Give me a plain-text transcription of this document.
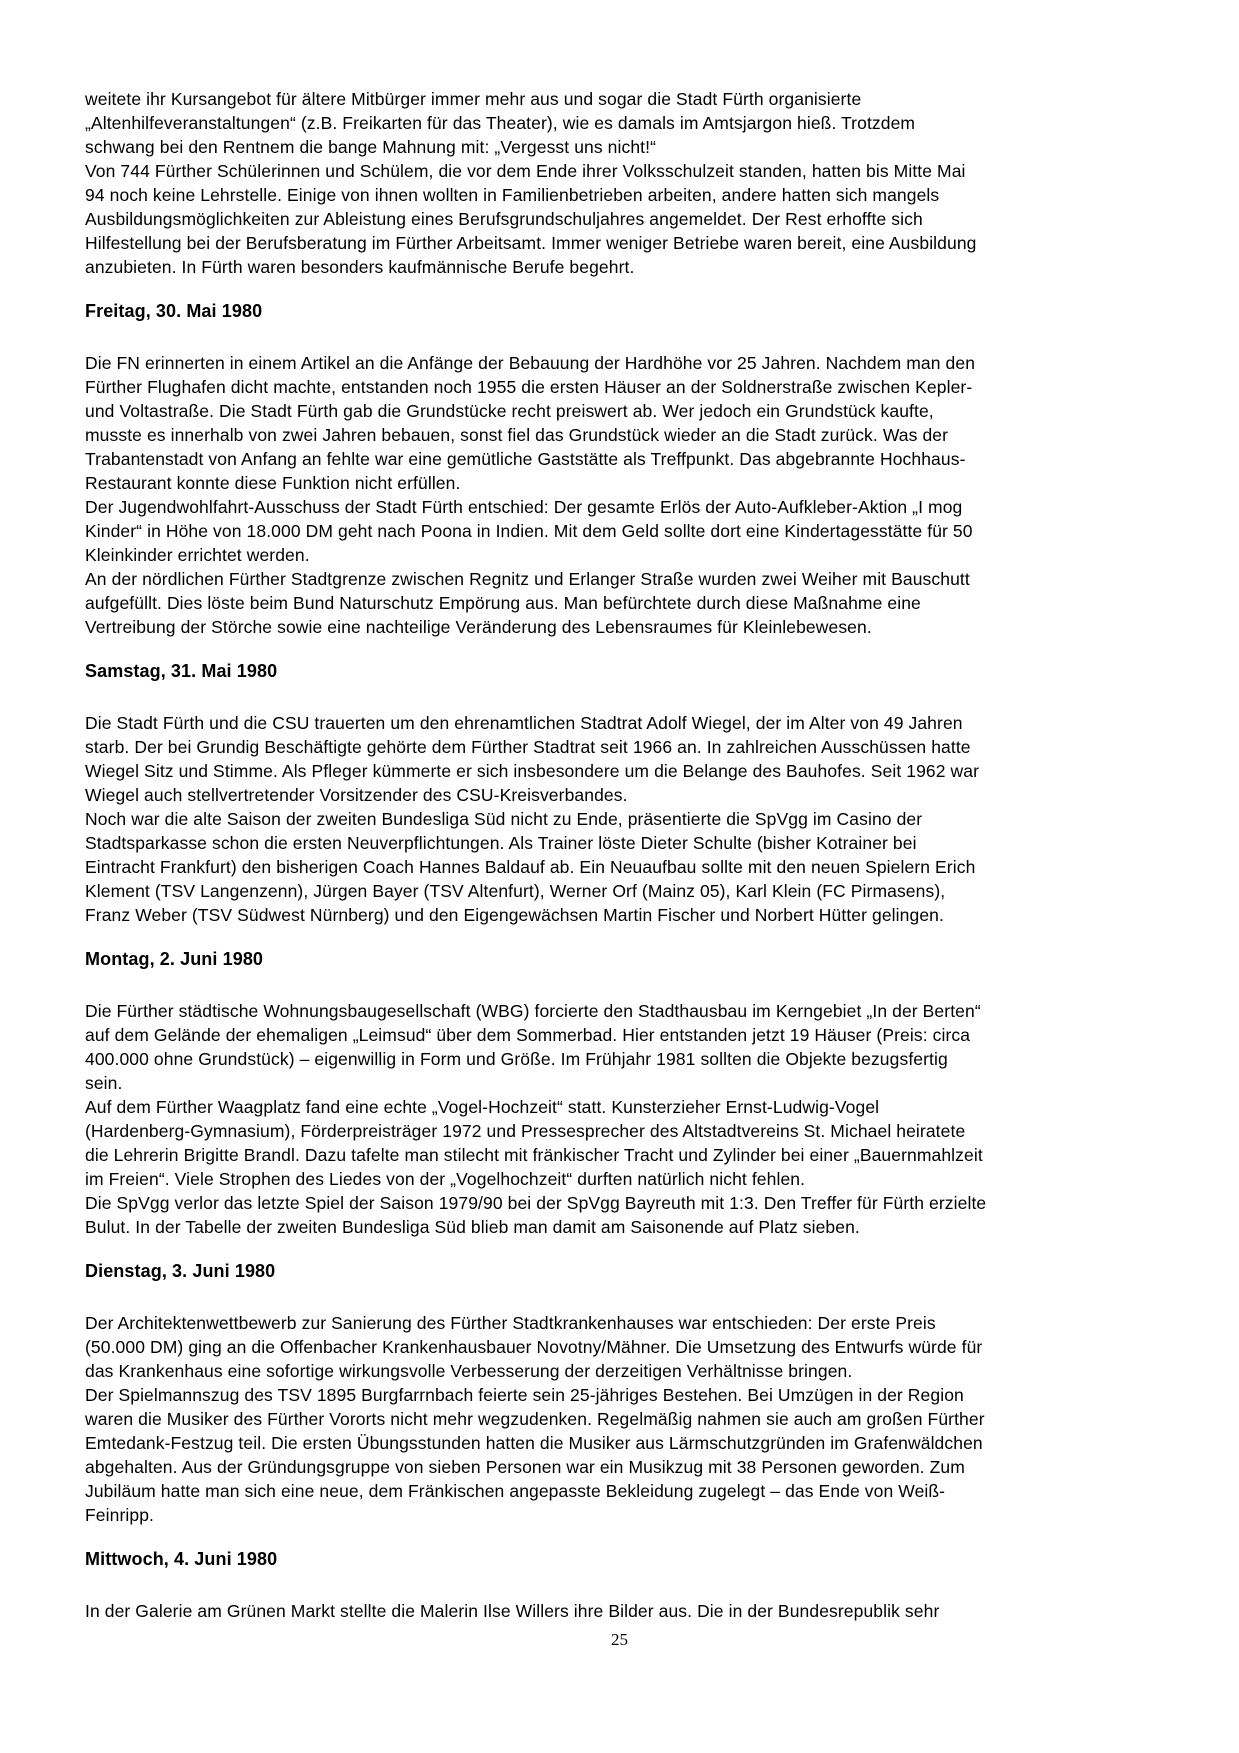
weitete ihr Kursangebot für ältere Mitbürger immer mehr aus und sogar die Stadt Fürth organisierte
„Altenhilfeveranstaltungen“ (z.B. Freikarten für das Theater), wie es damals im Amtsjargon hieß. Trotzdem
schwang bei den Rentnem die bange Mahnung mit: „Vergesst uns nicht!“
Von 744 Fürther Schülerinnen und Schülem, die vor dem Ende ihrer Volksschulzeit standen, hatten bis Mitte Mai
94 noch keine Lehrstelle. Einige von ihnen wollten in Familienbetrieben arbeiten, andere hatten sich mangels
Ausbildungsmöglichkeiten zur Ableistung eines Berufsgrundschuljahres angemeldet. Der Rest erhoffte sich
Hilfestellung bei der Berufsberatung im Fürther Arbeitsamt. Immer weniger Betriebe waren bereit, eine Ausbildung
anzubieten. In Fürth waren besonders kaufmännische Berufe begehrt.
Freitag, 30. Mai 1980
Die FN erinnerten in einem Artikel an die Anfänge der Bebauung der Hardhöhe vor 25 Jahren. Nachdem man den
Fürther Flughafen dicht machte, entstanden noch 1955 die ersten Häuser an der Soldnerstraße zwischen Kepler-
und Voltastraße. Die Stadt Fürth gab die Grundstücke recht preiswert ab. Wer jedoch ein Grundstück kaufte,
musste es innerhalb von zwei Jahren bebauen, sonst fiel das Grundstück wieder an die Stadt zurück. Was der
Trabantenstadt von Anfang an fehlte war eine gemütliche Gaststätte als Treffpunkt. Das abgebrannte Hochhaus-
Restaurant konnte diese Funktion nicht erfüllen.
Der Jugendwohlfahrt-Ausschuss der Stadt Fürth entschied: Der gesamte Erlös der Auto-Aufkleber-Aktion „I mog
Kinder“ in Höhe von 18.000 DM geht nach Poona in Indien. Mit dem Geld sollte dort eine Kindertagesstätte für 50
Kleinkinder errichtet werden.
An der nördlichen Fürther Stadtgrenze zwischen Regnitz und Erlanger Straße wurden zwei Weiher mit Bauschutt
aufgefüllt. Dies löste beim Bund Naturschutz Empörung aus. Man befürchtete durch diese Maßnahme eine
Vertreibung der Störche sowie eine nachteilige Veränderung des Lebensraumes für Kleinlebewesen.
Samstag, 31. Mai 1980
Die Stadt Fürth und die CSU trauerten um den ehrenamtlichen Stadtrat Adolf Wiegel, der im Alter von 49 Jahren
starb. Der bei Grundig Beschäftigte gehörte dem Fürther Stadtrat seit 1966 an. In zahlreichen Ausschüssen hatte
Wiegel Sitz und Stimme. Als Pfleger kümmerte er sich insbesondere um die Belange des Bauhofes. Seit 1962 war
Wiegel auch stellvertretender Vorsitzender des CSU-Kreisverbandes.
Noch war die alte Saison der zweiten Bundesliga Süd nicht zu Ende, präsentierte die SpVgg im Casino der
Stadtsparkasse schon die ersten Neuverpflichtungen. Als Trainer löste Dieter Schulte (bisher Kotrainer bei
Eintracht Frankfurt) den bisherigen Coach Hannes Baldauf ab. Ein Neuaufbau sollte mit den neuen Spielern Erich
Klement (TSV Langenzenn), Jürgen Bayer (TSV Altenfurt), Werner Orf (Mainz 05), Karl Klein (FC Pirmasens),
Franz Weber (TSV Südwest Nürnberg) und den Eigengewächsen Martin Fischer und Norbert Hütter gelingen.
Montag, 2. Juni 1980
Die Fürther städtische Wohnungsbaugesellschaft (WBG) forcierte den Stadthausbau im Kerngebiet „In der Berten“
auf dem Gelände der ehemaligen „Leimsud“ über dem Sommerbad. Hier entstanden jetzt 19 Häuser (Preis: circa
400.000 ohne Grundstück) – eigenwillig in Form und Größe. Im Frühjahr 1981 sollten die Objekte bezugsfertig
sein.
Auf dem Fürther Waagplatz fand eine echte „Vogel-Hochzeit“ statt. Kunsterzieher Ernst-Ludwig-Vogel
(Hardenberg-Gymnasium), Förderpreisträger 1972 und Pressesprecher des Altstadtvereins St. Michael heiratete
die Lehrerin Brigitte Brandl. Dazu tafelte man stilecht mit fränkischer Tracht und Zylinder bei einer „Bauernmahlzeit
im Freien“. Viele Strophen des Liedes von der „Vogelhochzeit“ durften natürlich nicht fehlen.
Die SpVgg verlor das letzte Spiel der Saison 1979/90 bei der SpVgg Bayreuth mit 1:3. Den Treffer für Fürth erzielte
Bulut. In der Tabelle der zweiten Bundesliga Süd blieb man damit am Saisonende auf Platz sieben.
Dienstag, 3. Juni 1980
Der Architektenwettbewerb zur Sanierung des Fürther Stadtkrankenhauses war entschieden: Der erste Preis
(50.000 DM) ging an die Offenbacher Krankenhausbauer Novotny/Mähner. Die Umsetzung des Entwurfs würde für
das Krankenhaus eine sofortige wirkungsvolle Verbesserung der derzeitigen Verhältnisse bringen.
Der Spielmannszug des TSV 1895 Burgfarrnbach feierte sein 25-jähriges Bestehen. Bei Umzügen in der Region
waren die Musiker des Fürther Vororts nicht mehr wegzudenken. Regelmäßig nahmen sie auch am großen Fürther
Emtedank-Festzug teil. Die ersten Übungsstunden hatten die Musiker aus Lärmschutzgründen im Grafenwäldchen
abgehalten. Aus der Gründungsgruppe von sieben Personen war ein Musikzug mit 38 Personen geworden. Zum
Jubiläum hatte man sich eine neue, dem Fränkischen angepasste Bekleidung zugelegt – das Ende von Weiß-
Feinripp.
Mittwoch, 4. Juni 1980
In der Galerie am Grünen Markt stellte die Malerin Ilse Willers ihre Bilder aus. Die in der Bundesrepublik sehr
25
